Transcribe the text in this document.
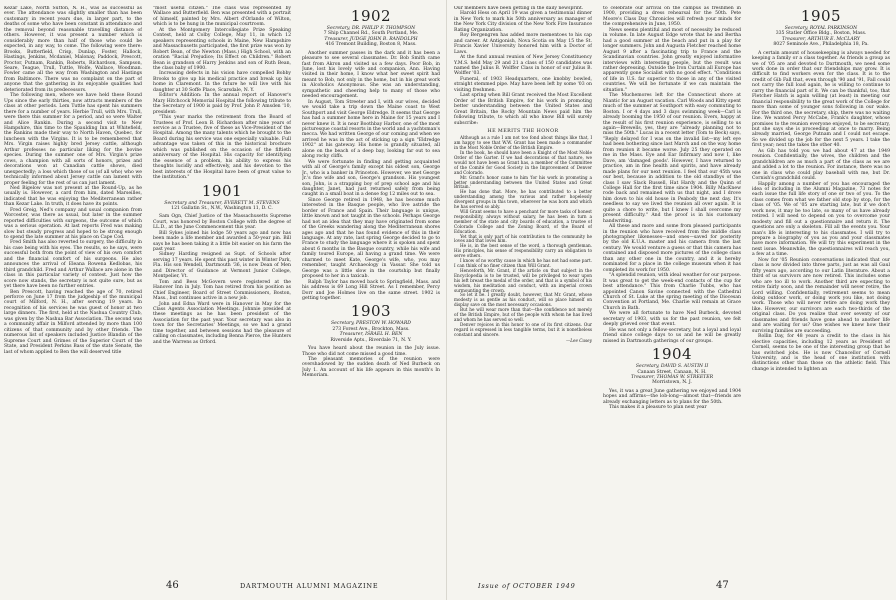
Kezar Lake, North Sutton, N. H., was as successful as ever. The attendance was slightly smaller than has been customary in recent years due, in larger part, to the deaths of some who have been constant in attendance and the removal beyond reasonable travelling distance of others. However, it was present a number which is considerably more than half of those who could be expected, in any way, to come. The following were there: Brooks, Butterfield, Crisp, Dunlap, Foster, Hallock, Hastings, Jenkins, Mcdaniel, Malonay, Paddock, Prescott, Proctor, Putnam, Rankin, Roberts, Richardson, Sampson, Seare, Teague, Trull, Tuttle, Wolfe, Wallace, Woodman. Fowler came all the way from Washington and Hastings from Baltimore. There was no complaint on the part of anyone that the gathering in its enjoyable qualities had deteriorated from its predecessors.

The following men, where we have held these Round Ups since the early thirties, now attracts members of the class at other periods. Lem Tuttle has spent his summers there for a number of years. Herbie Trull, with Mrs. Trull, were there this summer for a period, and so were Walter and Alice Rankin. During a second visit to New Hampshire, this time to the Spaulding Inn at Whitefield, the Rankins made their way to North Haven, Quebec, for luncheon with the Virgins. It is to be remembered that Mrs. Virgin raises highly bred Jersey cattle, although Arthur professes no particular liking for the bovine species. During the summer one of Mrs. Virgin's prize cows, a champion with all sorts of honors, prizes and decorations won at Canadian cattle shows, died unexpectedly; a loss which those of us (of all who) who we technically informed about Jersey cattle can lament with proper feeling for the rest of us can just lament.

Ned Bigelow was not present at the Round-Up, as he usually is. However, a card from him, dated Marseilles, indicated that he was enjoying the Mediterranean rather than Kezar Lake. In truth, it does have its points.

Fred Greig, Ned's company and usual companion from Worcester, was there as usual, but later in the summer reported difficulties with surgeons, the outcome of which was a serious operation. At last reports Fred was making slow but steady progress and hoped to be strong enough to spend the late summer at his place on Cape Cod.

Fred Smith has also reverted to surgery, the difficulty in his case being with his eyes. The results, so he says, were successful both from the point of view of his own comfort and the financial comfort of his surgeons. He also announces the arrival of Eleana Rowena Kedlobas, his third grandchild. Fred and Arthur Wallace are alone in the class in this particular variety of contest. Just how the score now stands, the secretary is not quite sure, but as yet there have been no further entries.

Ben Prescott, having reached the age of 70, retired perforce on June 17 from the judgeship of the municipal court of Milford, N. H., after serving 19 years. In recognition of his services he was guest of honor at two large dinners. The first, held at the Nashua Country Club, was given by the Nashua Bar Association. The second was a community affair in Milford attended by more than 100 citizens of that community and by other friends. The numerous list of speakers included Justice Blandin of the Supreme Court and Grimes of the Superior Court of the State, and President Perkins Bass of the state Senate, the last of whom applied to Ben the will deserved title

"most useful citizen." The class was represented by Wallace and Butterfield. Ben was presented with a portrait of himself, painted by Mrs. Albert d'Orlando of Wilton, which is to be hung in the municipal courtroom.

At the Montgomery Intercollegiate Prize Speaking Contest, held at Colby College, May 11, in which 12 speakers representing schools in Maine, New Hampshire and Massachusetts participated, the first prize was won by Robert Bean, of the Newton (Mass.) High School, with an oration "Racial Prejudice; Its Effect on Children." Robert Bean is grandson of Harry Jenkins and son of Ruth Bean, the class baby of 1900.

Increasing defects in his vision have compelled Bobby Brooks to give up his medical practice and break up his home in Claremont. In the future he will live with his daughter at 30 Soffe Place, Scarsdale, N. Y.

Editor's Addition: In the annual report of Hanover's Mary Hitchcock Memorial Hospital the following tribute to the Secretary of 1900 is paid by Prof. John P. Amsden '10, president:

"This year marks the retirement from the Board of Trustees of Prof. Leon B. Richardson after nine years of service as a Trustee, five of these as Vice-President of the Hospital. Among the many talents which he brought to the Board during his service was one especially valuable. Full advantage was taken of this in the historical brochure which was published on the occasion of the fiftieth anniversary of the Hospital. His capacity for identifying the essence of a problem, his ability to express his thoughts lucidly and effectively, and his devotion to the best interests of the Hospital have been of great value to the institution."

1901
Secretary and Treasurer, EVERETT M. STEVENS
121 Gallatin St., N.W., Washington 11, D. C.

Sam Ogn, Chief Justice of the Massachusetts Supreme Court, was honored by Boston College with the degree of LL.D., at the June Commencement this year.

Bill Sykes joined his lodge 50 years ago and now has been made a life member and awarded a 50-year pin. Bill says he has been taking it a little bit easier on his farm the past year.

Sidney Harding resigned as Supt. of Schools after serving 17 years. He spent this past winter in Winter Park, Fla. His son Wendell, Dartmouth '36, is now Dean of Men and Director of Guidance at Vermont Junior College, Montpelier, Vt.

Tom and Bess McGovern were registered at the Hanover Inn in July. Tom has retired from his position as Chief Engineer, Board of Street Commissioners, Boston, Mass., but continues active in a new job.

John and Edna Ward were in Hanover in May for the Class Agents Association Meetings. Johnnie presided at these meetings as he has been president of the Association for the past year. Your secretary was also in town for the Secretaries' Meetings, so we had a grand time together, and between sessions had the pleasure of calling on classmates, including Benna Pierce, the Hunters and the Warrens as Orford.

1902
Secretary, DR. PHILIP F. THOMPSON
7 Ship Channel Rd., South Portland, Me.
Treasurer, JUDGE JOHN B. RANDOLPH
416 Tremont Building, Boston 8, Mass.

Another summer passes in the dark and it has been a pleasure to see several classmates. Dr. Bob Smith came fast from Akron and visited us a few days. Poor Bob, in June, lost his lovely wife and companion, Ann. Having visited in their home, I know what her sweet spirit had meant to Bob, not only in the home, but in his great work in Alcoholics Anonymous. She was an understanding, sympathetic and cheering help to many of those who needed encouragement.

In August, Tom Streeter and I, with our wives, decided we would take a trip down the Maine coast to West Southport and visit George Eldredge. It seems that George has had a summer home here in Maine for 15 years and I never knew it. It is near Boothbay Harbor, one of the most picturesque coastal resorts in the world and a yachtsman's mecca. We had written George of our coming and when we arrived he was in the act of sticking up a sign "Eldredge 1902" at his gateway. His home is grandly situated, all alone on the beach of a deep bay, looking far out to sea along rocky cliffs.

We were fortunate in finding and getting acquainted with all of George's family except his oldest son, George Jr., who is a banker in Princeton. However, we met George Jr.'s fine wife and son, George's grandson. His youngest son, John, is a strapping boy of prep school age and his daughter, Janet, had just returned safely from being caught in a small boat in a dense fog 12 miles out to sea.

Since George retired in 1948, he has become much interested in the Basque people, who live astride the border of France and Spain. Their language is unique, little known and not taught in the schools. Perhaps George had not an idea that they may have originated from some of the Greeks wandering along the Mediterranean shores ages ago and that he has found evidence of this in their language. At any rate, last spring George decided to go to France to study the language where it is spoken and spent about 6 months in the Basque country, while his wife and family toured Europe, all having a grand time. We were charmed to meet Kate, George's wife, who, you may remember, taught Archaeology in Vassar. She told us George was a little slow in the courtship but finally proposed to her in a taxicab.

Ralph Taylor has moved back to Springfield, Mass. and his address is 69 Long Hill Street. As I remember, Percy Dorr and Joe Holmes live on the same street. 1902 is getting together.

1903
Secretary, PRESTON W. HOWARD
273 Forest Ave., Brockton, Mass.
Treasurer, ISRAEL H. BEN
Riverside Apts., Riverdale 71, N. Y.

You have heard about the reunion in the July issue. Those who did not come missed a good time.

The pleasant memories of the reunion were overshadowed by the sudden death of Ned Burbeck on July 1. An account of his life appears in this month's In Memoriam.

46	DARTMOUTH ALUMNI MAGAZINE

Our members have been getting in the daily newsprint.

Harold Hess on April 19 was given a testimonial dinner in New York to mark his 50th anniversary as manager of the New York City division of the New York Fire Insurance Rating Organization.

Roy Bergengren has added more mementoes to his cap and career. At Antigonish, Nova Scotia on May 15 the St. Francis Xavier University honored him with a Doctor of Laws.

At the fund annual reunion of New Jersey Constituency Y.M.S. held May 29 and 21 a class of 150 candidates was named the Julius B. Wolffer Class in honor of our Julius B. Wolffer '03.

Funeral, of 1903 Headquarters, one knobby bowled, straight stemmed pipe. May have been left by some '03 on visiting freshmen.

Last spring when Bill Grant received the Most Excellent Order of the British Empire, for his work in promoting better understanding between the United States and Great Britain, the Rocky Mountain News paid him the following tribute, to which all who know Bill will surely subscribe:

HE MERITS THE HONOR

Although as a rule I am not too fond about things like that, I am happy to see that W.W. Grant has been made a commander in the Most Noble Order of the British Empire.

In the book, he should have been a Knight of the Most Noble Order of the Garter. If we had decorations of that nature, we would not have been as Grant has, a member of the Committee of the Comité for Good Society in the Improvement of Denver and Colorado.

Mr. Grant's honor came to him 'for his work in promoting a better understanding between the United States and Great Britain.'

He has done that. More, he has contributed to a better understanding among the various and rather hopelessly divergent groups in this town, wherever he was born and which he has served so ably.

Will Grant seems to have a penchant for more tasks of honest responsibility, always without salary, he has been in turn a member of the state and city boards of education, a trustee of Colorado College and the Zoning Board, of the Board of Education.

Yet that is only part of his contribution to the community he loves and that loves him.

He is, in the best sense of the word, a thorough gentleman. His principles, his sense of responsibility carry an obligation to serve others.

I know of no worthy cause in which he has not had some part. I can think of no finer citizen than Will Grant.

Henceforth, Mr. Grant, if the article on that subject in the Encyclopedia is to be trusted, will be privileged to wear upon his left breast the medal of the order, and that is a symbol of his wisdom, his meditation and conduct, with an imperial crown surmounting the crown.

So let it be. I greatly doubt, however, that Mr. Grant, whose modesty is as gentle as his conduct, will so place himself on display save on the most necessary occasions.

But he will wear more than that—the confidence not merely of the British Empire, but of the people with whom he has lived and whom he has served so well.

Denver rejoices in this honor to one of its first citizens. Our regard is expressed in less tangible terms, but it is nonetheless constant and sincere.

—Lee Casey

to celebrate our arrival on the campus as freshmen in 1900, providing a dress rehearsal for the 50th. Pete Moore's Class Day Chronicles will refresh your minds for the comprehensive in June, 1950.

News seems plentiful and most of necessity be reduced in volume. In late August Edge wrote that he and Bertha had a good summer at the beach and put in a play for longer summers. John and Augusta Fletcher reached home August 9 after a fascinating trip to France and the Scandinavian countries. John greatly enjoyed informative interviews with interesting people, but the result was rather depressing. Outside the Iron Curtain all Europe has apparently gone Socialist with no good effect. "Conditions of life in U.S. far superior to those in any of the visited countries. We will be fortunate if we can maintain the situation."

The Muchemores left for the Connecticut shore at Niantic for an August vacation. Carl Woods and Kitty spent much of the summer at Southport with easy commuting to Boston. I or 4 days and 3 days swimming week—Carl is already booming the 1950 of our reunion. Evers, happy at the result of his first reunion experience, is selling to us again—Brewells, yes, they are "already planning not to miss the 50th." Lucas in a recent letter (Tom to Beck) says, "Reply delayed for I was on the invalid list—my left eye had been bothering since last March and on the way home from reunion it became worse. July 25 they operated on me in the Mass. Eye and Ear Infirmary and now I, like Dave, am 'damaged goods'. However, I have returned to practice, am in fine health and spirits, and have already made plans for our next reunion. I feel that our 45th was our best, because in addition to the old standbys of the class I saw Slack Russell, Hat Hardy and the Quinn of College Hall for the first time since 1904. Billy MacKnew rode back and remained with us that night, and I drove him down to his old house in Peabody the next day. It's needless to say we lived the reunion all over again. It is quite a chore to write, but I knew I shall overcome my present difficulty." And the proof is in his customary handwriting.

All these and more and some from pleased participants in the reunion who have received from the middle class photographer likenesses—and ones—saved for posterity by the old K.U.A. master and his camera from the last century. We would venture a guess or that this camera has contained and disposed more pictures of the college class than any other one in the country, and it is hereby nominated for a place in the college museum when it has completed its work for 1950.

"A splendid reunion, with ideal weather for our purpose. It was great to get the week-end contacts of the cup for best attendance." This from Charlie Tubbs, who has appointed Canon Savine connected with the Cathedral Church of St. Luke at the spring meeting of the Diocesan Convention at Portland, Me. Charlie will remain at Grace Church in Bath.

We were all fortunate to have Ned Burbeck, devoted secretary of 1903, with us for the past reunion, we felt deeply grieved over that event.

He was not only a fellow-secretary, but a loyal and loyal friend since college days to us and he will be greatly missed in Dartmouth gatherings of our groups.

1904
Secretary, DAVID S. AUSTIN II
Canaan Street, Canaan, N. H.
Treasurer, THOMAS W. STREETER
Morristown, N. J.

Yes, it was a great June gathering we enjoyed and 1904 hopes and affirms—the lob-long—almost that—friends are already exchanging letters as to plans for the 50th.

This makes it a pleasure to plan next year

1905
Secretary, ROYAL PARKINSON
335 Statler Office Bldg., Boston, Mass.
Treasurer, ARTHUR E. McCLARY
8027 Seminole Ave., Philadelphia 18, Pa.

A certain amount of housekeeping is always needed for keeping a family or a class together. As friends a group as we of '05 are and devoted to Dartmouth, we need some work done in order that our friendships may grow. It is difficult to find workers even for the class. It is to the credit of Gib Fall that, even through '90 and '91, Fall could not carry the full load again, he is willing to continue to carry the financial part of it. We can be thankful, too, that Fletcher Hatch is again willing (at least) in meeting our financial responsibility to the great work of the College for more than some of younger sons following in our wake. For the third one, the secretary, ship, there was no waiting line. We wanted Percy McCabe, Frank's daughter, whose promises to the reunion everyone enjoyed, to be secretary, but she says she is proceeding at once to marry. Being already married, George Putnam and I could not escape. So we divided up the job for the next 5 years. I take the first year; next the takes the other 40.

As Gib has told you we had about 47 at the 1949 reunion. Confidentially, the wives, the children and the grandchildren are as much a part of the class as we are and added a lot to the reunion. For instance, there was no one in class who could play baseball with me, but Dr. Cornish's grandchild could.

Happily among a number of you has encouraged the idea of including in the Alumni Magazine, 73 notes for each issue the full life story of one or two of you. To the class comes from what we father old stop by stop, for the class of '05. We of '05 are starting late, but if we don't work now, it may be too late, so many of us have already retired. I will need to depend on you to overcome your modesty and fill out a questionnaire and return it. The questions are only a skeleton. Fill all the events you. Your man's life is interesting to his classmates. I will try to prepare a biography of you as you and your classmates have more information. We will try this experiment in the next issue. Meanwhile, the questionnaires will reach you, a few at a time.

Now for '05 Reunion conversations indicated that our class is now divided into three parts, just as was all Gaul fifty years ago, according to our Latin literature. About a third of us survivors are now retired. This includes some who are too ill to work. Another third are expecting to retire fairly soon, and the remainder will never retire, the Lord willing. Confidentially, retirement seems to mean doing outdoor work, or doing work you like, not doing work. Those who will never retire are doing work they like. However, our survivors are each two-thirds of the original class. Do you realize that over seventy of our classmates and friends have gone ahead to another life and are waiting for us? One wishes we knew how their surviving families are succeeding.

Rollin Day, for 48 years a credit to the class in his elective capacities, including 12 years as President of Cornell, seems to be one of the interesting group that he has switched jobs. He is now Chancellor of Cornell University, and is the head of one institution with distinctions other than those on the athletic field. This change is intended to lighten an

Issue of OCTOBER 1949	47
